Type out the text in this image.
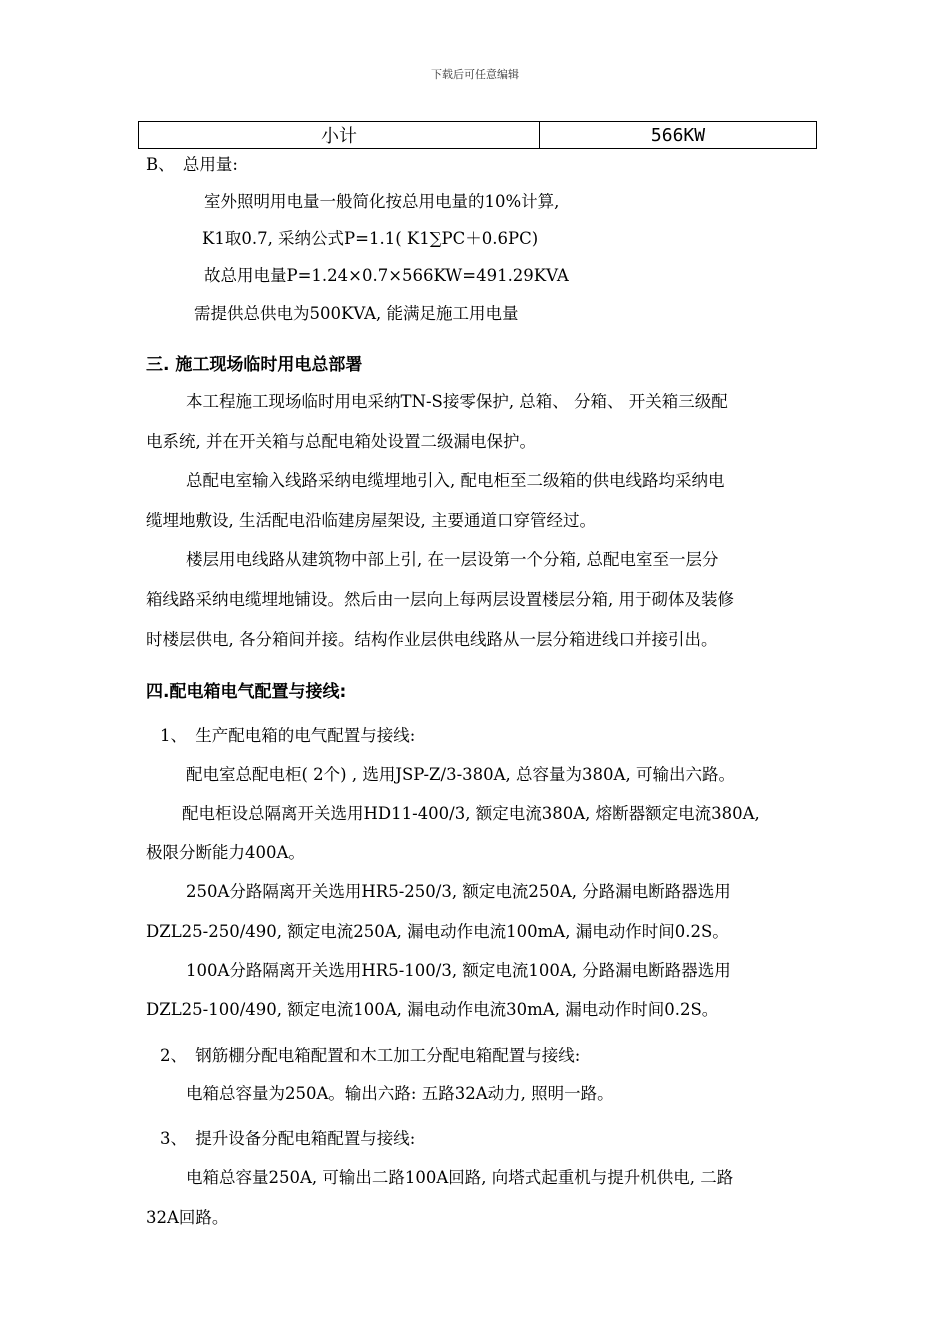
下载后可任意编辑
小计	566KW
B、　总用量:
室外照明用电量一般简化按总用电量的10%计算,
K1取0.7, 采纳公式P=1.1( K1∑PC＋0.6PC)
故总用电量P=1.24×0.7×566KW=491.29KVA
需提供总供电为500KVA, 能满足施工用电量
三. 施工现场临时用电总部署
本工程施工现场临时用电采纳TN-S接零保护, 总箱、 分箱、 开关箱三级配
电系统, 并在开关箱与总配电箱处设置二级漏电保护。
总配电室输入线路采纳电缆埋地引入, 配电柜至二级箱的供电线路均采纳电
缆埋地敷设, 生活配电沿临建房屋架设, 主要通道口穿管经过。
楼层用电线路从建筑物中部上引, 在一层设第一个分箱, 总配电室至一层分
箱线路采纳电缆埋地铺设。然后由一层向上每两层设置楼层分箱, 用于砌体及装修
时楼层供电, 各分箱间并接。结构作业层供电线路从一层分箱进线口并接引出。
四.配电箱电气配置与接线:
1、　生产配电箱的电气配置与接线:
配电室总配电柜( 2个) , 选用JSP-Z/3-380A, 总容量为380A, 可输出六路。
配电柜设总隔离开关选用HD11-400/3, 额定电流380A, 熔断器额定电流380A,
极限分断能力400A。
250A分路隔离开关选用HR5-250/3, 额定电流250A, 分路漏电断路器选用
DZL25-250/490, 额定电流250A, 漏电动作电流100mA, 漏电动作时间0.2S。
100A分路隔离开关选用HR5-100/3, 额定电流100A, 分路漏电断路器选用
DZL25-100/490, 额定电流100A, 漏电动作电流30mA, 漏电动作时间0.2S。
2、　钢筋棚分配电箱配置和木工加工分配电箱配置与接线:
电箱总容量为250A。输出六路: 五路32A动力, 照明一路。
3、　提升设备分配电箱配置与接线:
电箱总容量250A, 可输出二路100A回路, 向塔式起重机与提升机供电, 二路
32A回路。
